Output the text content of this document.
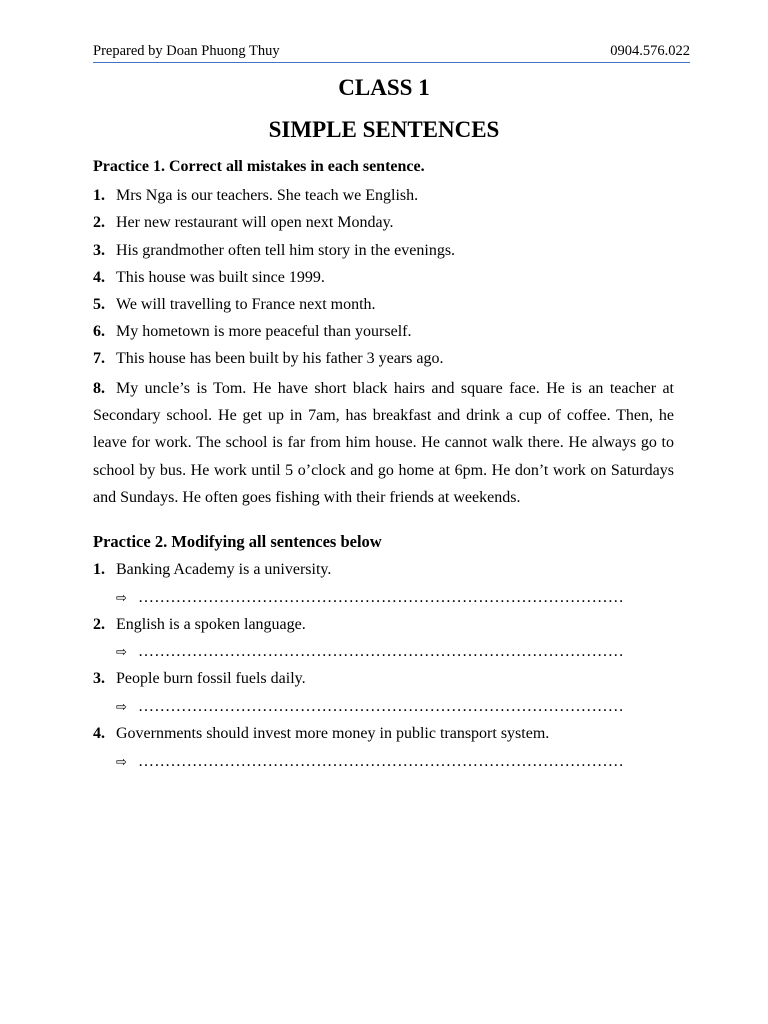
Prepared by Doan Phuong Thuy	0904.576.022
CLASS 1
SIMPLE SENTENCES
Practice 1. Correct all mistakes in each sentence.
1. Mrs Nga is our teachers. She teach we English.
2. Her new restaurant will open next Monday.
3. His grandmother often tell him story in the evenings.
4. This house was built since 1999.
5. We will travelling to France next month.
6. My hometown is more peaceful than yourself.
7. This house has been built by his father 3 years ago.
8. My uncle’s is Tom. He have short black hairs and square face. He is an teacher at Secondary school. He get up in 7am, has breakfast and drink a cup of coffee. Then, he leave for work. The school is far from him house. He cannot walk there. He always go to school by bus. He work until 5 o’clock and go home at 6pm. He don’t work on Saturdays and Sundays. He often goes fishing with their friends at weekends.
Practice 2. Modifying all sentences below
1. Banking Academy is a university.
⇨ ………………………………………………………………………………
2. English is a spoken language.
⇨ ………………………………………………………………………………
3. People burn fossil fuels daily.
⇨ ………………………………………………………………………………
4. Governments should invest more money in public transport system.
⇨ ………………………………………………………………………………
